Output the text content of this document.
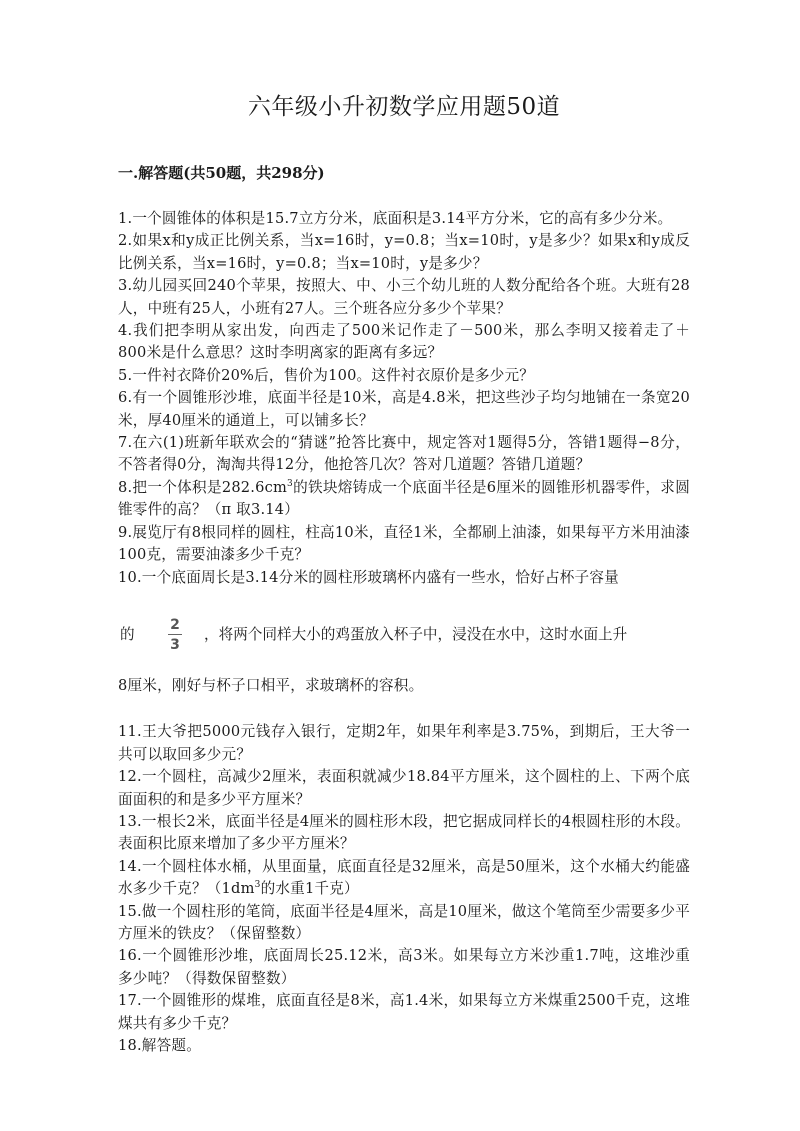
六年级小升初数学应用题50道
一.解答题(共50题，共298分)

1.一个圆锥体的体积是15.7立方分米，底面积是3.14平方分米，它的高有多少分米。

2.如果x和y成正比例关系，当x=16时，y=0.8；当x=10时，y是多少？如果x和y成反比例关系，当x=16时，y=0.8；当x=10时，y是多少？

3.幼儿园买回240个苹果，按照大、中、小三个幼儿班的人数分配给各个班。大班有28人，中班有25人，小班有27人。三个班各应分多少个苹果？

4.我们把李明从家出发，向西走了500米记作走了－500米，那么李明又接着走了＋800米是什么意思？这时李明离家的距离有多远？

5.一件衬衣降价20%后，售价为100。这件衬衣原价是多少元？

6.有一个圆锥形沙堆，底面半径是10米，高是4.8米，把这些沙子均匀地铺在一条宽20米，厚40厘米的通道上，可以铺多长？

7.在六(1)班新年联欢会的“猜谜”抢答比赛中，规定答对1题得5分，答错1题得−8分，不答者得0分，淘淘共得12分，他抢答几次？答对几道题？答错几道题？

8.把一个体积是$282.6cm^3$的铁块熔铸成一个底面半径是6厘米的圆锥形机器零件，求圆锥零件的高？（π 取3.14）

9.展览厅有8根同样的圆柱，柱高10米，直径1米，全都刷上油漆，如果每平方米用油漆100克，需要油漆多少千克？

10.一个底面周长是3.14分米的圆柱形玻璃杯内盛有一些水，恰好占杯子容量

的
2
3
，将两个同样大小的鸡蛋放入杯子中，浸没在水中，这时水面上升

8厘米，刚好与杯子口相平，求玻璃杯的容积。

11.王大爷把5000元钱存入银行，定期2年，如果年利率是3.75%，到期后，王大爷一共可以取回多少元？

12.一个圆柱，高减少2厘米，表面积就减少18.84平方厘米，这个圆柱的上、下两个底面面积的和是多少平方厘米？

13.一根长2米，底面半径是4厘米的圆柱形木段，把它据成同样长的4根圆柱形的木段。表面积比原来增加了多少平方厘米？

14.一个圆柱体水桶，从里面量，底面直径是32厘米，高是50厘米，这个水桶大约能盛水多少千克？（$1dm^3$的水重1千克）

15.做一个圆柱形的笔筒，底面半径是4厘米，高是10厘米，做这个笔筒至少需要多少平方厘米的铁皮？（保留整数）

16.一个圆锥形沙堆，底面周长25.12米，高3米。如果每立方米沙重1.7吨，这堆沙重多少吨？（得数保留整数）

17.一个圆锥形的煤堆，底面直径是8米，高1.4米，如果每立方米煤重2500千克，这堆煤共有多少千克？

18.解答题。
